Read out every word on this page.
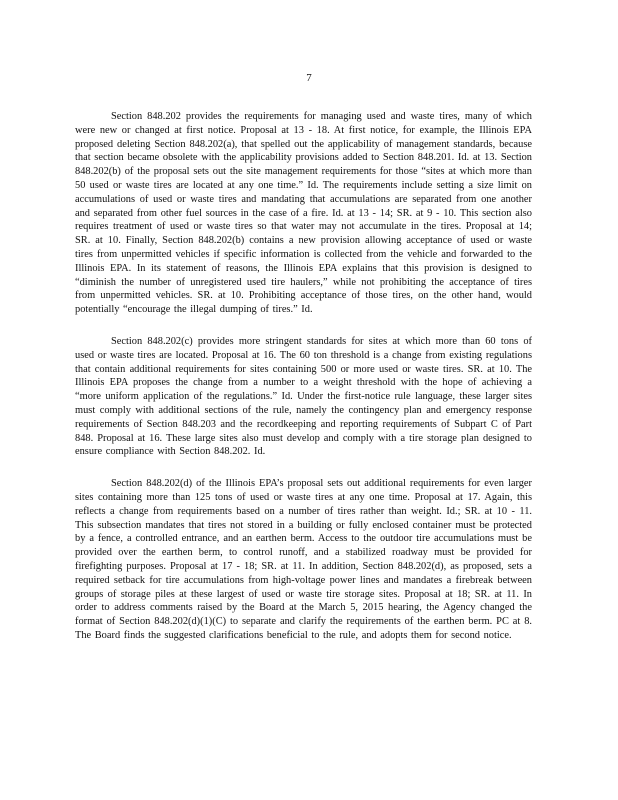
7

Section 848.202 provides the requirements for managing used and waste tires, many of which were new or changed at first notice. Proposal at 13 - 18. At first notice, for example, the Illinois EPA proposed deleting Section 848.202(a), that spelled out the applicability of management standards, because that section became obsolete with the applicability provisions added to Section 848.201. Id. at 13. Section 848.202(b) of the proposal sets out the site management requirements for those “sites at which more than 50 used or waste tires are located at any one time.” Id. The requirements include setting a size limit on accumulations of used or waste tires and mandating that accumulations are separated from one another and separated from other fuel sources in the case of a fire. Id. at 13 - 14; SR. at 9 - 10. This section also requires treatment of used or waste tires so that water may not accumulate in the tires. Proposal at 14; SR. at 10. Finally, Section 848.202(b) contains a new provision allowing acceptance of used or waste tires from unpermitted vehicles if specific information is collected from the vehicle and forwarded to the Illinois EPA. In its statement of reasons, the Illinois EPA explains that this provision is designed to “diminish the number of unregistered used tire haulers,” while not prohibiting the acceptance of tires from unpermitted vehicles. SR. at 10. Prohibiting acceptance of those tires, on the other hand, would potentially “encourage the illegal dumping of tires.” Id.

Section 848.202(c) provides more stringent standards for sites at which more than 60 tons of used or waste tires are located. Proposal at 16. The 60 ton threshold is a change from existing regulations that contain additional requirements for sites containing 500 or more used or waste tires. SR. at 10. The Illinois EPA proposes the change from a number to a weight threshold with the hope of achieving a “more uniform application of the regulations.” Id. Under the first-notice rule language, these larger sites must comply with additional sections of the rule, namely the contingency plan and emergency response requirements of Section 848.203 and the recordkeeping and reporting requirements of Subpart C of Part 848. Proposal at 16. These large sites also must develop and comply with a tire storage plan designed to ensure compliance with Section 848.202. Id.

Section 848.202(d) of the Illinois EPA’s proposal sets out additional requirements for even larger sites containing more than 125 tons of used or waste tires at any one time. Proposal at 17. Again, this reflects a change from requirements based on a number of tires rather than weight. Id.; SR. at 10 - 11. This subsection mandates that tires not stored in a building or fully enclosed container must be protected by a fence, a controlled entrance, and an earthen berm. Access to the outdoor tire accumulations must be provided over the earthen berm, to control runoff, and a stabilized roadway must be provided for firefighting purposes. Proposal at 17 - 18; SR. at 11. In addition, Section 848.202(d), as proposed, sets a required setback for tire accumulations from high-voltage power lines and mandates a firebreak between groups of storage piles at these largest of used or waste tire storage sites. Proposal at 18; SR. at 11. In order to address comments raised by the Board at the March 5, 2015 hearing, the Agency changed the format of Section 848.202(d)(1)(C) to separate and clarify the requirements of the earthen berm. PC at 8. The Board finds the suggested clarifications beneficial to the rule, and adopts them for second notice.
